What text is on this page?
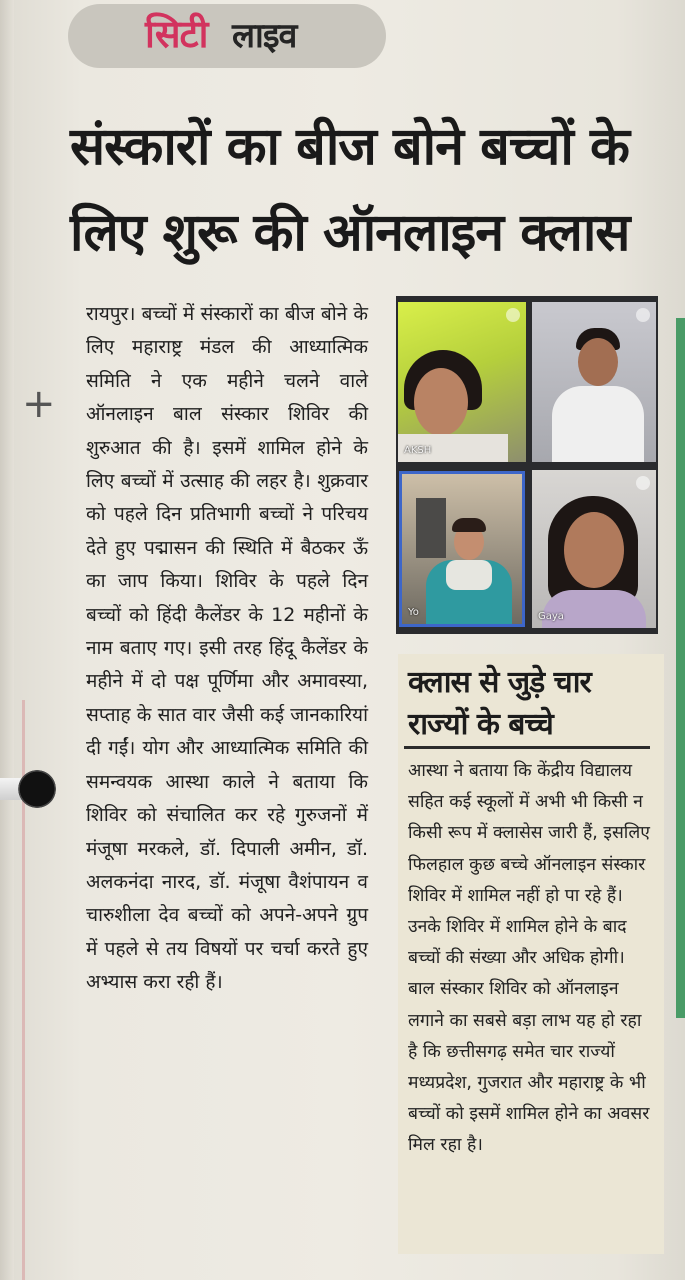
+
सिटी लाइव
संस्कारों का बीज बोने बच्चों के लिए शुरू की ऑनलाइन क्लास
रायपुर। बच्चों में संस्कारों का बीज बोने के लिए महाराष्ट्र मंडल की आध्यात्मिक समिति ने एक महीने चलने वाले ऑनलाइन बाल संस्कार शिविर की शुरुआत की है। इसमें शामिल होने के लिए बच्चों में उत्साह की लहर है। शुक्रवार को पहले दिन प्रतिभागी बच्चों ने परिचय देते हुए पद्मासन की स्थिति में बैठकर ऊँ का जाप किया। शिविर के पहले दिन बच्चों को हिंदी कैलेंडर के 12 महीनों के नाम बताए गए। इसी तरह हिंदू कैलेंडर के महीने में दो पक्ष पूर्णिमा और अमावस्या, सप्ताह के सात वार जैसी कई जानकारियां दी गईं। योग और आध्यात्मिक समिति की समन्वयक आस्था काले ने बताया कि शिविर को संचालित कर रहे गुरुजनों में मंजूषा मरकले, डॉ. दिपाली अमीन, डॉ. अलकनंदा नारद, डॉ. मंजूषा वैशंपायन व चारुशीला देव बच्चों को अपने-अपने ग्रुप में पहले से तय विषयों पर चर्चा करते हुए अभ्यास करा रही हैं।
AKSH
Yo	Gaya
क्लास से जुड़े चार राज्यों के बच्चे
आस्था ने बताया कि केंद्रीय विद्यालय सहित कई स्कूलों में अभी भी किसी न किसी रूप में क्लासेस जारी हैं, इसलिए फिलहाल कुछ बच्चे ऑनलाइन संस्कार शिविर में शामिल नहीं हो पा रहे हैं। उनके शिविर में शामिल होने के बाद बच्चों की संख्या और अधिक होगी। बाल संस्कार शिविर को ऑनलाइन लगाने का सबसे बड़ा लाभ यह हो रहा है कि छत्तीसगढ़ समेत चार राज्यों मध्यप्रदेश, गुजरात और महाराष्ट्र के भी बच्चों को इसमें शामिल होने का अवसर मिल रहा है।
